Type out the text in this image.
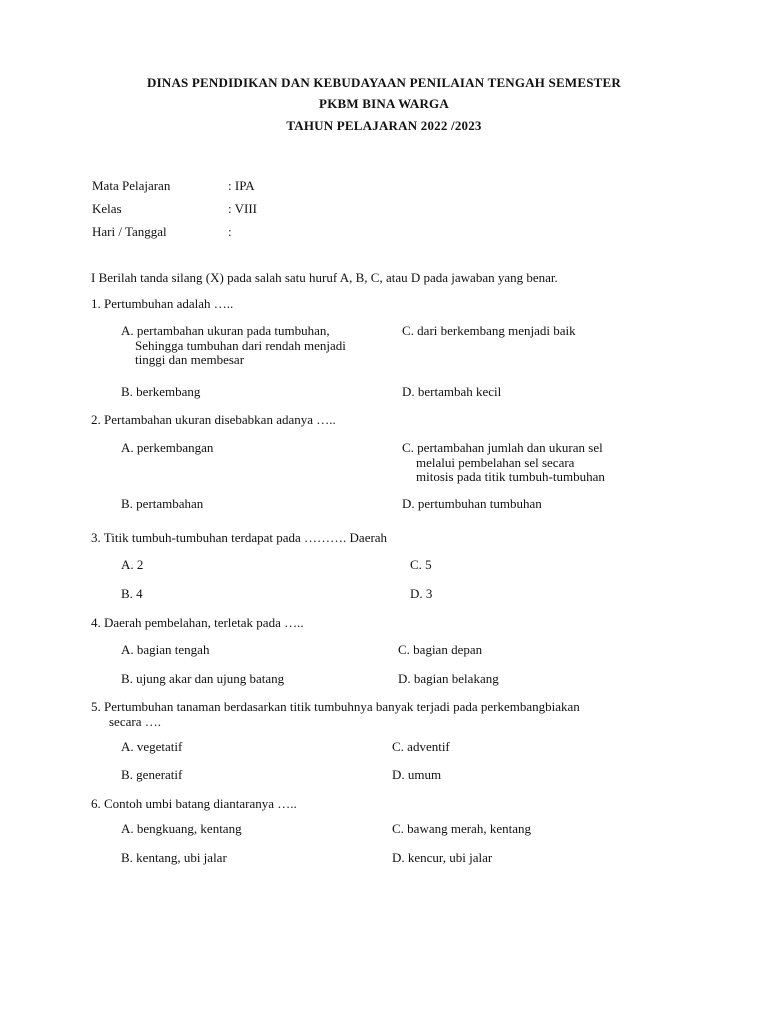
DINAS PENDIDIKAN DAN KEBUDAYAAN PENILAIAN TENGAH SEMESTER
PKBM BINA WARGA
TAHUN PELAJARAN 2022 /2023
Mata Pelajaran	: IPA
Kelas	: VIII
Hari / Tanggal	:
I Berilah tanda silang (X) pada salah satu huruf A, B, C, atau D pada jawaban yang benar.
1. Pertumbuhan adalah …..
A. pertambahan ukuran pada tumbuhan,
Sehingga tumbuhan dari rendah menjadi
tinggi dan membesar
C. dari berkembang menjadi baik
B. berkembang	D. bertambah kecil
2. Pertambahan ukuran disebabkan adanya …..
A. perkembangan	C. pertambahan jumlah dan ukuran sel
melalui pembelahan sel secara
mitosis pada titik tumbuh-tumbuhan
B. pertambahan	D. pertumbuhan tumbuhan
3. Titik tumbuh-tumbuhan terdapat pada ………. Daerah
A. 2	C. 5
B. 4	D. 3
4. Daerah pembelahan, terletak pada …..
A. bagian tengah	C. bagian depan
B. ujung akar dan ujung batang	D. bagian belakang
5. Pertumbuhan tanaman berdasarkan titik tumbuhnya banyak terjadi pada perkembangbiakan
secara ….
A. vegetatif	C. adventif
B. generatif	D. umum
6. Contoh umbi batang diantaranya …..
A. bengkuang, kentang	C. bawang merah, kentang
B. kentang, ubi jalar	D. kencur, ubi jalar
